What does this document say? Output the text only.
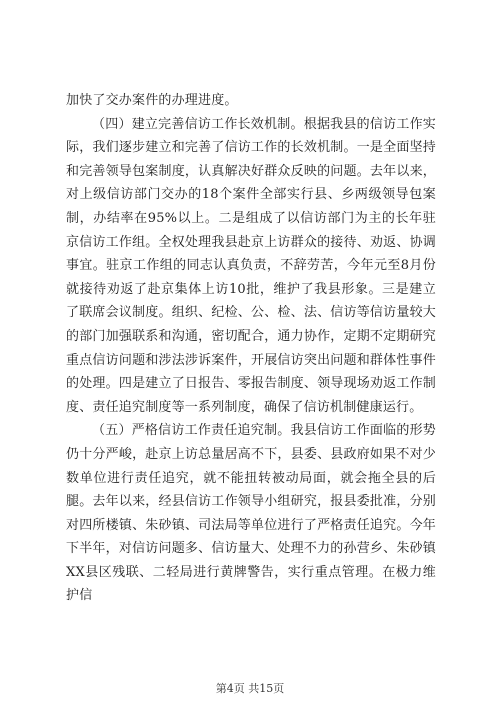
加快了交办案件的办理进度。

（四）建立完善信访工作长效机制。根据我县的信访工作实际，我们逐步建立和完善了信访工作的长效机制。一是全面坚持和完善领导包案制度，认真解决好群众反映的问题。去年以来，对上级信访部门交办的18个案件全部实行县、乡两级领导包案制，办结率在95%以上。二是组成了以信访部门为主的长年驻京信访工作组。全权处理我县赴京上访群众的接待、劝返、协调事宜。驻京工作组的同志认真负责，不辞劳苦，今年元至8月份就接待劝返了赴京集体上访10批，维护了我县形象。三是建立了联席会议制度。组织、纪检、公、检、法、信访等信访量较大的部门加强联系和沟通，密切配合，通力协作，定期不定期研究重点信访问题和涉法涉诉案件，开展信访突出问题和群体性事件的处理。四是建立了日报告、零报告制度、领导现场劝返工作制度、责任追究制度等一系列制度，确保了信访机制健康运行。

（五）严格信访工作责任追究制。我县信访工作面临的形势仍十分严峻，赴京上访总量居高不下，县委、县政府如果不对少数单位进行责任追究，就不能扭转被动局面，就会拖全县的后腿。去年以来，经县信访工作领导小组研究，报县委批准，分别对四所楼镇、朱砂镇、司法局等单位进行了严格责任追究。今年下半年，对信访问题多、信访量大、处理不力的孙营乡、朱砂镇XX县区残联、二轻局进行黄牌警告，实行重点管理。在极力维护信

第4页 共15页
